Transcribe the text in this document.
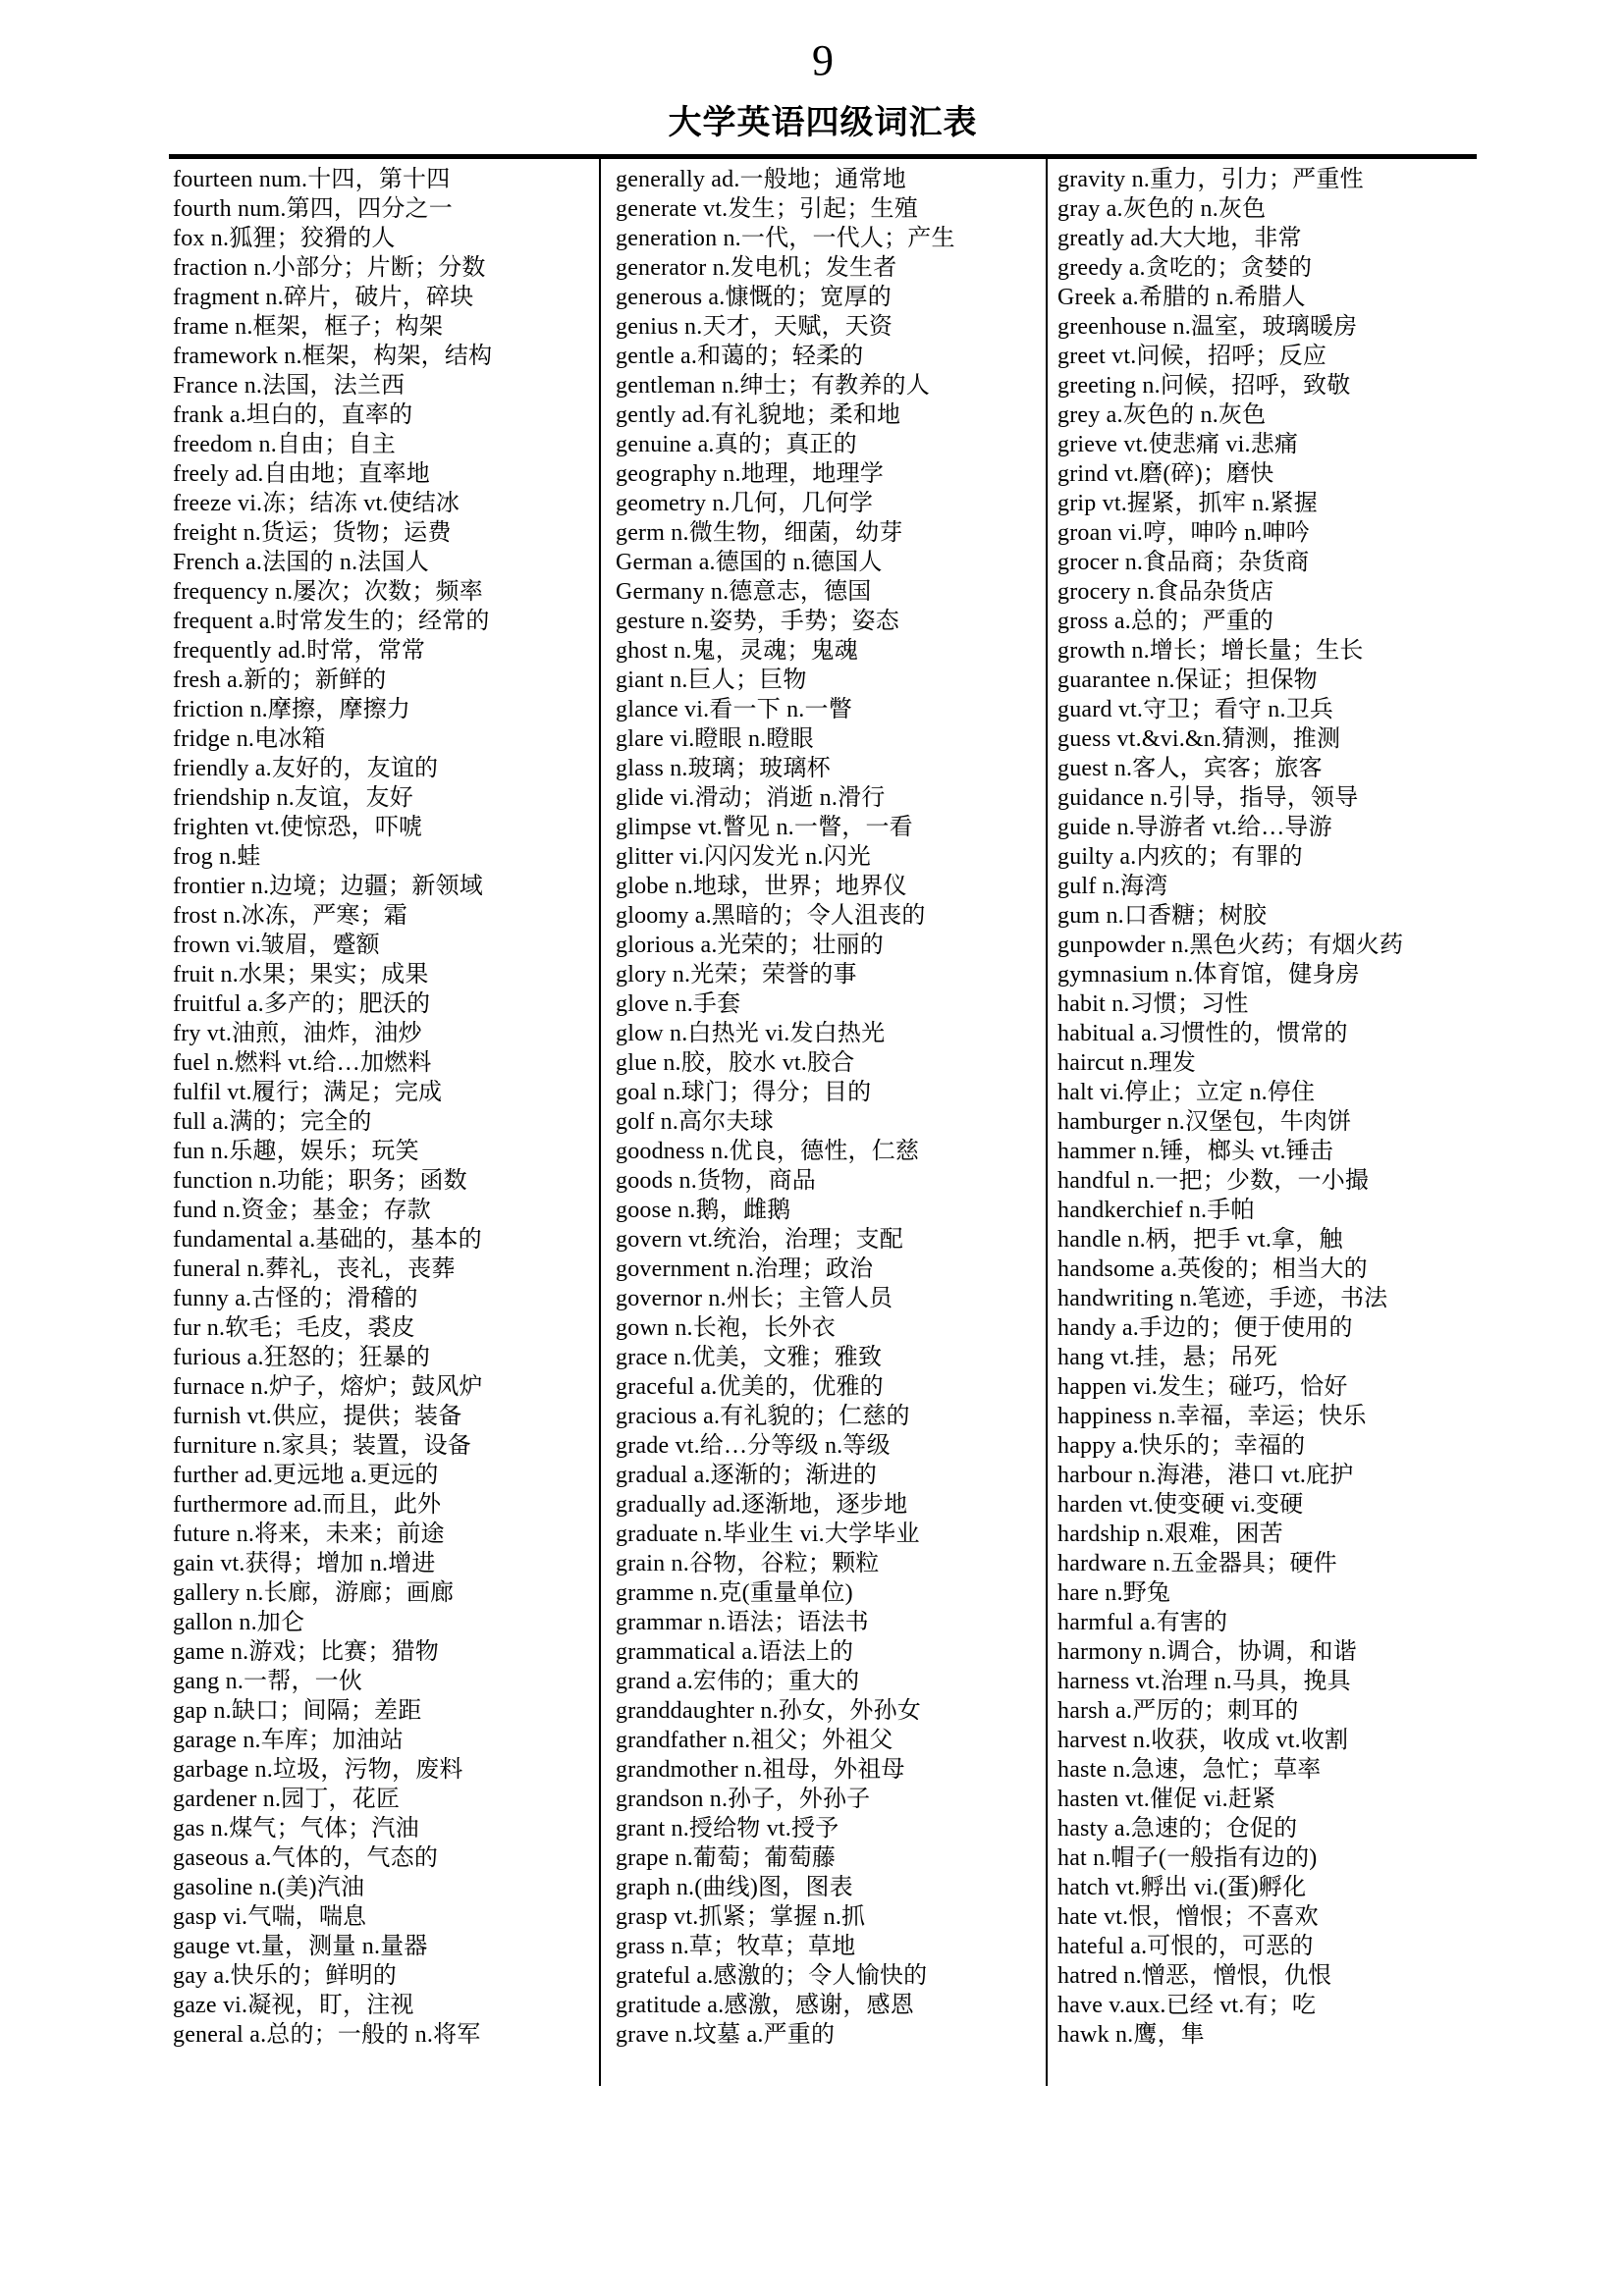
9
大学英语四级词汇表
fourteen num.十四，第十四
fourth num.第四，四分之一
fox n.狐狸；狡猾的人
fraction n.小部分；片断；分数
fragment n.碎片，破片，碎块
frame n.框架，框子；构架
framework n.框架，构架，结构
France n.法国，法兰西
frank a.坦白的，直率的
freedom n.自由；自主
freely ad.自由地；直率地
freeze vi.冻；结冻 vt.使结冰
freight n.货运；货物；运费
French a.法国的 n.法国人
frequency n.屡次；次数；频率
frequent a.时常发生的；经常的
frequently ad.时常，常常
fresh a.新的；新鲜的
friction n.摩擦，摩擦力
fridge n.电冰箱
friendly a.友好的，友谊的
friendship n.友谊，友好
frighten vt.使惊恐，吓唬
frog n.蛙
frontier n.边境；边疆；新领域
frost n.冰冻，严寒；霜
frown vi.皱眉，蹙额
fruit n.水果；果实；成果
fruitful a.多产的；肥沃的
fry vt.油煎，油炸，油炒
fuel n.燃料 vt.给…加燃料
fulfil vt.履行；满足；完成
full a.满的；完全的
fun n.乐趣，娱乐；玩笑
function n.功能；职务；函数
fund n.资金；基金；存款
fundamental a.基础的，基本的
funeral n.葬礼，丧礼，丧葬
funny a.古怪的；滑稽的
fur n.软毛；毛皮，裘皮
furious a.狂怒的；狂暴的
furnace n.炉子，熔炉；鼓风炉
furnish vt.供应，提供；装备
furniture n.家具；装置，设备
further ad.更远地 a.更远的
furthermore ad.而且，此外
future n.将来，未来；前途
gain vt.获得；增加 n.增进
gallery n.长廊，游廊；画廊
gallon n.加仑
game n.游戏；比赛；猎物
gang n.一帮，一伙
gap n.缺口；间隔；差距
garage n.车库；加油站
garbage n.垃圾，污物，废料
gardener n.园丁，花匠
gas n.煤气；气体；汽油
gaseous a.气体的，气态的
gasoline n.(美)汽油
gasp vi.气喘，喘息
gauge vt.量，测量 n.量器
gay a.快乐的；鲜明的
gaze vi.凝视，盯，注视
general a.总的；一般的 n.将军
generally ad.一般地；通常地
generate vt.发生；引起；生殖
generation n.一代，一代人；产生
generator n.发电机；发生者
generous a.慷慨的；宽厚的
genius n.天才，天赋，天资
gentle a.和蔼的；轻柔的
gentleman n.绅士；有教养的人
gently ad.有礼貌地；柔和地
genuine a.真的；真正的
geography n.地理，地理学
geometry n.几何，几何学
germ n.微生物，细菌，幼芽
German a.德国的 n.德国人
Germany n.德意志，德国
gesture n.姿势，手势；姿态
ghost n.鬼，灵魂；鬼魂
giant n.巨人；巨物
glance vi.看一下 n.一瞥
glare vi.瞪眼 n.瞪眼
glass n.玻璃；玻璃杯
glide vi.滑动；消逝 n.滑行
glimpse vt.瞥见 n.一瞥，一看
glitter vi.闪闪发光 n.闪光
globe n.地球，世界；地界仪
gloomy a.黑暗的；令人沮丧的
glorious a.光荣的；壮丽的
glory n.光荣；荣誉的事
glove n.手套
glow n.白热光 vi.发白热光
glue n.胶，胶水 vt.胶合
goal n.球门；得分；目的
golf n.高尔夫球
goodness n.优良，德性，仁慈
goods n.货物，商品
goose n.鹅，雌鹅
govern vt.统治，治理；支配
government n.治理；政治
governor n.州长；主管人员
gown n.长袍，长外衣
grace n.优美，文雅；雅致
graceful a.优美的，优雅的
gracious a.有礼貌的；仁慈的
grade vt.给…分等级 n.等级
gradual a.逐渐的；渐进的
gradually ad.逐渐地，逐步地
graduate n.毕业生 vi.大学毕业
grain n.谷物，谷粒；颗粒
gramme n.克(重量单位)
grammar n.语法；语法书
grammatical a.语法上的
grand a.宏伟的；重大的
granddaughter n.孙女，外孙女
grandfather n.祖父；外祖父
grandmother n.祖母，外祖母
grandson n.孙子，外孙子
grant n.授给物 vt.授予
grape n.葡萄；葡萄藤
graph n.(曲线)图，图表
grasp vt.抓紧；掌握 n.抓
grass n.草；牧草；草地
grateful a.感激的；令人愉快的
gratitude a.感激，感谢，感恩
grave n.坟墓 a.严重的
gravity n.重力，引力；严重性
gray a.灰色的 n.灰色
greatly ad.大大地，非常
greedy a.贪吃的；贪婪的
Greek a.希腊的 n.希腊人
greenhouse n.温室，玻璃暖房
greet vt.问候，招呼；反应
greeting n.问候，招呼，致敬
grey a.灰色的 n.灰色
grieve vt.使悲痛 vi.悲痛
grind vt.磨(碎)；磨快
grip vt.握紧，抓牢 n.紧握
groan vi.哼，呻吟 n.呻吟
grocer n.食品商；杂货商
grocery n.食品杂货店
gross a.总的；严重的
growth n.增长；增长量；生长
guarantee n.保证；担保物
guard vt.守卫；看守 n.卫兵
guess vt.&vi.&n.猜测，推测
guest n.客人，宾客；旅客
guidance n.引导，指导，领导
guide n.导游者 vt.给…导游
guilty a.内疚的；有罪的
gulf n.海湾
gum n.口香糖；树胶
gunpowder n.黑色火药；有烟火药
gymnasium n.体育馆，健身房
habit n.习惯；习性
habitual a.习惯性的，惯常的
haircut n.理发
halt vi.停止；立定 n.停住
hamburger n.汉堡包，牛肉饼
hammer n.锤，榔头 vt.锤击
handful n.一把；少数，一小撮
handkerchief n.手帕
handle n.柄，把手 vt.拿，触
handsome a.英俊的；相当大的
handwriting n.笔迹，手迹，书法
handy a.手边的；便于使用的
hang vt.挂，悬；吊死
happen vi.发生；碰巧，恰好
happiness n.幸福，幸运；快乐
happy a.快乐的；幸福的
harbour n.海港，港口 vt.庇护
harden vt.使变硬 vi.变硬
hardship n.艰难，困苦
hardware n.五金器具；硬件
hare n.野兔
harmful a.有害的
harmony n.调合，协调，和谐
harness vt.治理 n.马具，挽具
harsh a.严厉的；刺耳的
harvest n.收获，收成 vt.收割
haste n.急速，急忙；草率
hasten vt.催促 vi.赶紧
hasty a.急速的；仓促的
hat n.帽子(一般指有边的)
hatch vt.孵出 vi.(蛋)孵化
hate vt.恨，憎恨；不喜欢
hateful a.可恨的，可恶的
hatred n.憎恶，憎恨，仇恨
have v.aux.已经 vt.有；吃
hawk n.鹰，隼
